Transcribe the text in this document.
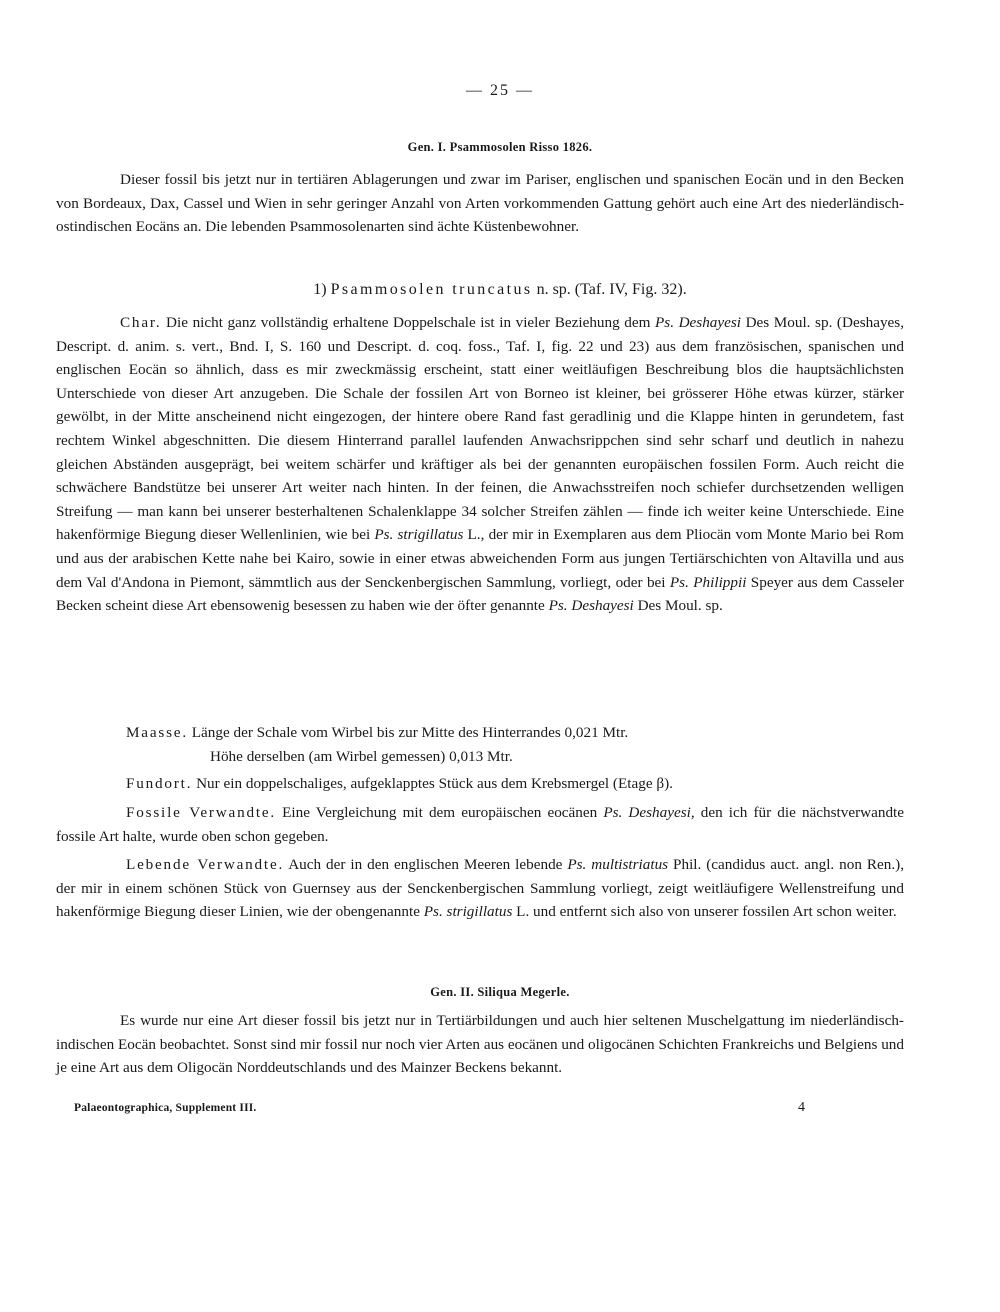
— 25 —
Gen. I. Psammosolen Risso 1826.

Dieser fossil bis jetzt nur in tertiären Ablagerungen und zwar im Pariser, englischen und spanischen Eocän und in den Becken von Bordeaux, Dax, Cassel und Wien in sehr geringer Anzahl von Arten vorkommenden Gattung gehört auch eine Art des niederländisch-ostindischen Eocäns an. Die lebenden Psammosolenarten sind ächte Küstenbewohner.

1) Psammosolen truncatus n. sp. (Taf. IV, Fig. 32).

Char. Die nicht ganz vollständig erhaltene Doppelschale ist in vieler Beziehung dem Ps. Deshayesi Des Moul. sp. (Deshayes, Descript. d. anim. s. vert., Bnd. I, S. 160 und Descript. d. coq. foss., Taf. I, fig. 22 und 23) aus dem französischen, spanischen und englischen Eocän so ähnlich, dass es mir zweckmässig erscheint, statt einer weitläufigen Beschreibung blos die hauptsächlichsten Unterschiede von dieser Art anzugeben. Die Schale der fossilen Art von Borneo ist kleiner, bei grösserer Höhe etwas kürzer, stärker gewölbt, in der Mitte anscheinend nicht eingezogen, der hintere obere Rand fast geradlinig und die Klappe hinten in gerundetem, fast rechtem Winkel abgeschnitten. Die diesem Hinterrand parallel laufenden Anwachsrippchen sind sehr scharf und deutlich in nahezu gleichen Abständen ausgeprägt, bei weitem schärfer und kräftiger als bei der genannten europäischen fossilen Form. Auch reicht die schwächere Bandstütze bei unserer Art weiter nach hinten. In der feinen, die Anwachsstreifen noch schiefer durchsetzenden welligen Streifung — man kann bei unserer besterhaltenen Schalenklappe 34 solcher Streifen zählen — finde ich weiter keine Unterschiede. Eine hakenförmige Biegung dieser Wellenlinien, wie bei Ps. strigillatus L., der mir in Exemplaren aus dem Pliocän vom Monte Mario bei Rom und aus der arabischen Kette nahe bei Kairo, sowie in einer etwas abweichenden Form aus jungen Tertiärschichten von Altavilla und aus dem Val d'Andona in Piemont, sämmtlich aus der Senckenbergischen Sammlung, vorliegt, oder bei Ps. Philippii Speyer aus dem Casseler Becken scheint diese Art ebensowenig besessen zu haben wie der öfter genannte Ps. Deshayesi Des Moul. sp.

Maasse. Länge der Schale vom Wirbel bis zur Mitte des Hinterrandes 0,021 Mtr.
Höhe derselben (am Wirbel gemessen) 0,013 Mtr.

Fundort. Nur ein doppelschaliges, aufgeklapptes Stück aus dem Krebsmergel (Etage β).

Fossile Verwandte. Eine Vergleichung mit dem europäischen eocänen Ps. Deshayesi, den ich für die nächstverwandte fossile Art halte, wurde oben schon gegeben.

Lebende Verwandte. Auch der in den englischen Meeren lebende Ps. multistriatus Phil. (candidus auct. angl. non Ren.), der mir in einem schönen Stück von Guernsey aus der Senckenbergischen Sammlung vorliegt, zeigt weitläufigere Wellenstreifung und hakenförmige Biegung dieser Linien, wie der obengenannte Ps. strigillatus L. und entfernt sich also von unserer fossilen Art schon weiter.

Gen. II. Siliqua Megerle.

Es wurde nur eine Art dieser fossil bis jetzt nur in Tertiärbildungen und auch hier seltenen Muschelgattung im niederländisch-indischen Eocän beobachtet. Sonst sind mir fossil nur noch vier Arten aus eocänen und oligocänen Schichten Frankreichs und Belgiens und je eine Art aus dem Oligocän Norddeutschlands und des Mainzer Beckens bekannt.

Palaeontographica, Supplement III.	4
